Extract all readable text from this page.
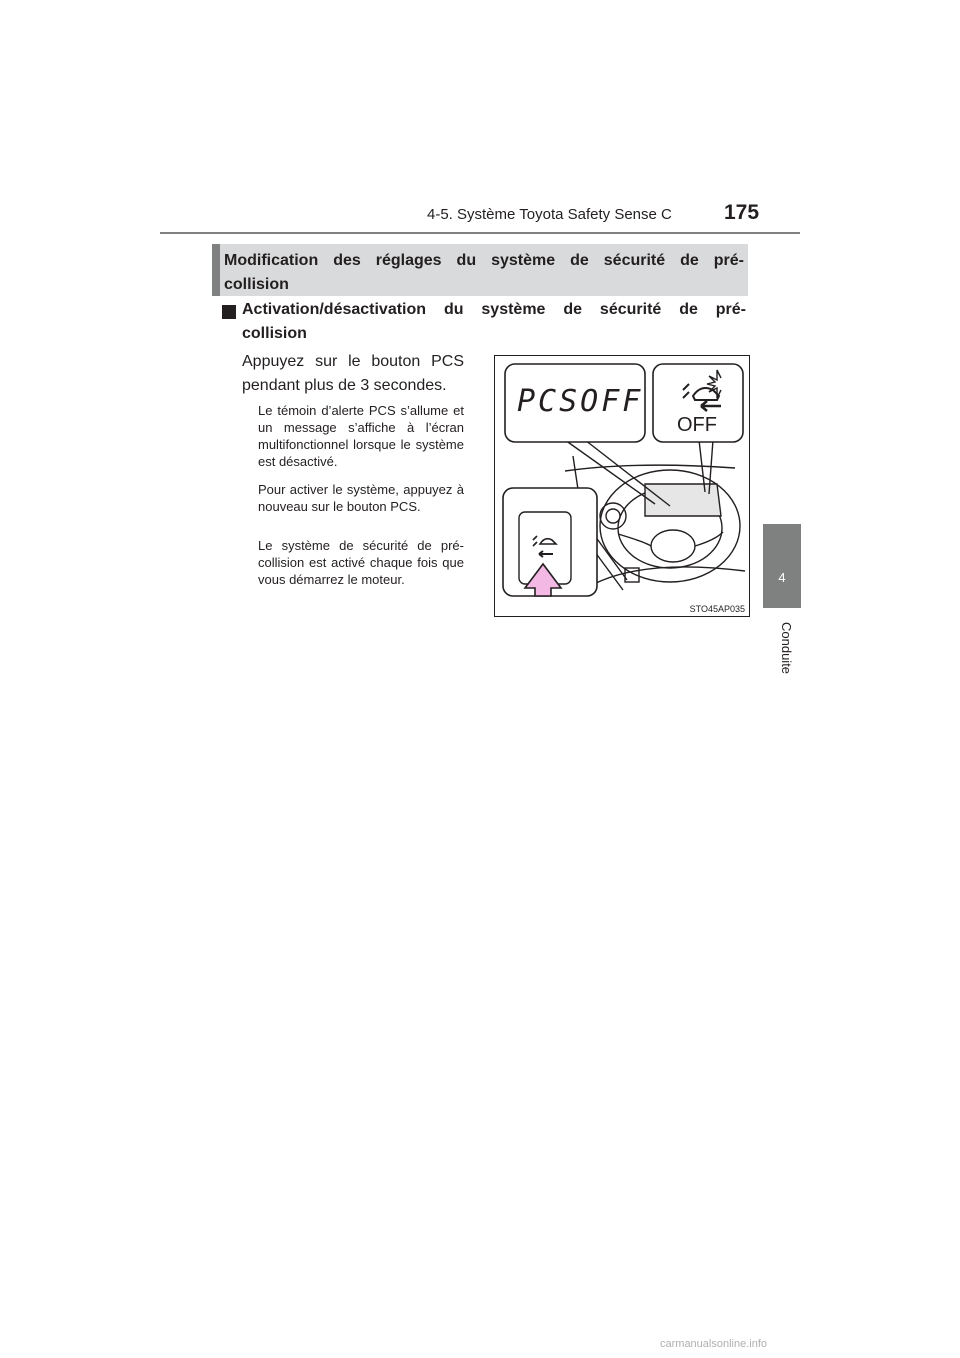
4-5. Système Toyota Safety Sense C 175
4
Conduite
Modification des réglages du système de sécurité de pré-collision
Activation/désactivation du système de sécurité de pré-collision
Appuyez sur le bouton PCS pendant plus de 3 secondes.
Le témoin d’alerte PCS s’allume et un message s’affiche à l’écran multifonctionnel lorsque le système est désactivé.
Pour activer le système, appuyez à nouveau sur le bouton PCS.
Le système de sécurité de pré-collision est activé chaque fois que vous démarrez le moteur.
PCSOFF
OFF
STO45AP035
carmanualsonline.info
